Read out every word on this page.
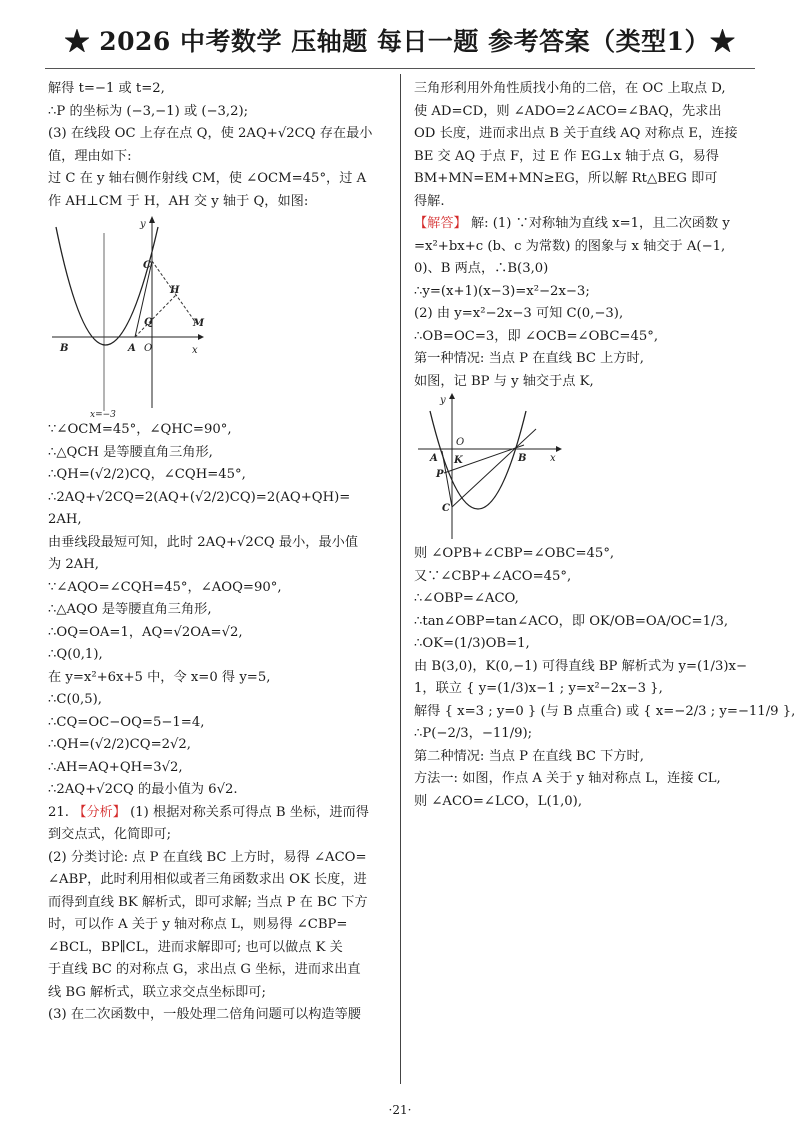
★ 2026 中考数学 压轴题 每日一题 参考答案（类型1）★
解得 t=−1 或 t=2,
∴P 的坐标为 (−3,−1) 或 (−3,2);
(3) 在线段 OC 上存在点 Q，使 2AQ+√2CQ 存在最小
值，理由如下:
过 C 在 y 轴右侧作射线 CM，使 ∠OCM=45°，过 A
作 AH⊥CM 于 H，AH 交 y 轴于 Q，如图:
y
x
B	A O
C
Q
H
M
x=−3
∵∠OCM=45°，∠QHC=90°,
∴△QCH 是等腰直角三角形,
∴QH=(√2/2)CQ，∠CQH=45°,
∴2AQ+√2CQ=2(AQ+(√2/2)CQ)=2(AQ+QH)=
2AH,
由垂线段最短可知，此时 2AQ+√2CQ 最小，最小值
为 2AH,
∵∠AQO=∠CQH=45°，∠AOQ=90°,
∴△AQO 是等腰直角三角形,
∴OQ=OA=1，AQ=√2OA=√2,
∴Q(0,1),
在 y=x²+6x+5 中，令 x=0 得 y=5,
∴C(0,5),
∴CQ=OC−OQ=5−1=4,
∴QH=(√2/2)CQ=2√2,
∴AH=AQ+QH=3√2,
∴2AQ+√2CQ 的最小值为 6√2.
21. 【分析】 (1) 根据对称关系可得点 B 坐标，进而得
到交点式，化简即可;
(2) 分类讨论: 点 P 在直线 BC 上方时，易得 ∠ACO=
∠ABP，此时利用相似或者三角函数求出 OK 长度，进
而得到直线 BK 解析式，即可求解; 当点 P 在 BC 下方
时，可以作 A 关于 y 轴对称点 L，则易得 ∠CBP=
∠BCL，BP∥CL，进而求解即可; 也可以做点 K 关
于直线 BC 的对称点 G，求出点 G 坐标，进而求出直
线 BG 解析式，联立求交点坐标即可;
(3) 在二次函数中，一般处理二倍角问题可以构造等腰
三角形利用外角性质找小角的二倍，在 OC 上取点 D,
使 AD=CD，则 ∠ADO=2∠ACO=∠BAQ，先求出
OD 长度，进而求出点 B 关于直线 AQ 对称点 E，连接
BE 交 AQ 于点 F，过 E 作 EG⊥x 轴于点 G，易得
BM+MN=EM+MN≥EG，所以解 Rt△BEG 即可
得解.
【解答】 解: (1) ∵对称轴为直线 x=1，且二次函数 y
=x²+bx+c (b、c 为常数) 的图象与 x 轴交于 A(−1,
0)、B 两点，∴B(3,0)
∴y=(x+1)(x−3)=x²−2x−3;
(2) 由 y=x²−2x−3 可知 C(0,−3),
∴OB=OC=3，即 ∠OCB=∠OBC=45°,
第一种情况: 当点 P 在直线 BC 上方时,
如图，记 BP 与 y 轴交于点 K,
y
x
O
A K
P
B
C
则 ∠OPB+∠CBP=∠OBC=45°,
又∵∠CBP+∠ACO=45°,
∴∠OBP=∠ACO,
∴tan∠OBP=tan∠ACO，即 OK/OB=OA/OC=1/3,
∴OK=(1/3)OB=1,
由 B(3,0)，K(0,−1) 可得直线 BP 解析式为 y=(1/3)x−
1，联立 { y=(1/3)x−1 ; y=x²−2x−3 },
解得 { x=3 ; y=0 } (与 B 点重合) 或 { x=−2/3 ; y=−11/9 },
∴P(−2/3，−11/9);
第二种情况: 当点 P 在直线 BC 下方时,
方法一: 如图，作点 A 关于 y 轴对称点 L，连接 CL,
则 ∠ACO=∠LCO，L(1,0),
·21·
